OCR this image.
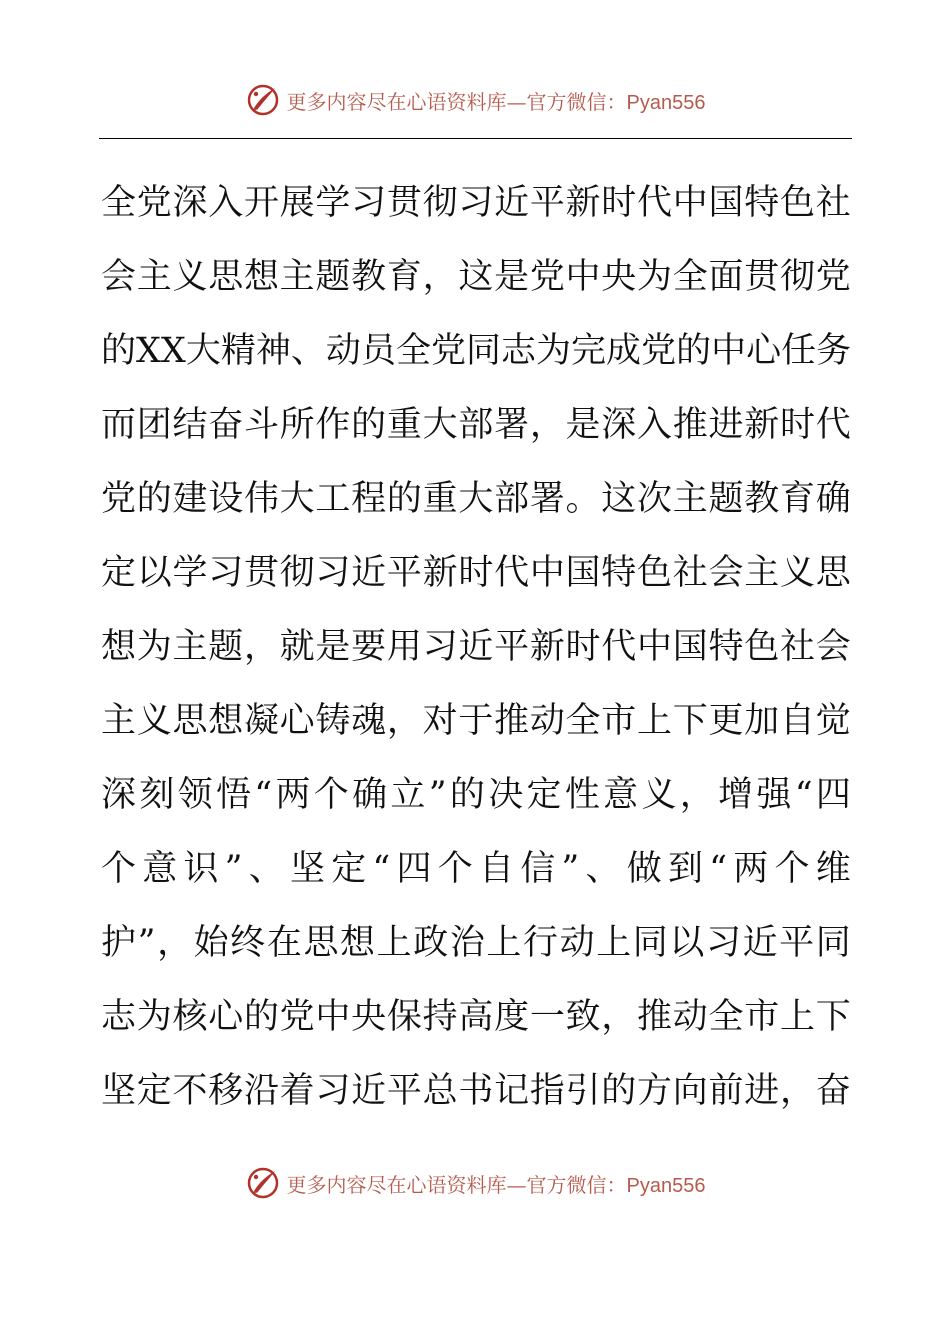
更多内容尽在心语资料库—官方微信：Pyan556
全 党 深 入 开 展 学 习 贯 彻 习 近 平 新 时 代 中 国 特 色 社
会 主 义 思 想 主 题 教 育 ， 这 是 党 中 央 为 全 面 贯 彻 党
的 XX 大 精 神 、 动 员 全 党 同 志 为 完 成 党 的 中 心 任 务
而 团 结 奋 斗 所 作 的 重 大 部 署 ， 是 深 入 推 进 新 时 代
党 的 建 设 伟 大 工 程 的 重 大 部 署 。 这 次 主 题 教 育 确
定 以 学 习 贯 彻 习 近 平 新 时 代 中 国 特 色 社 会 主 义 思
想 为 主 题 ， 就 是 要 用 习 近 平 新 时 代 中 国 特 色 社 会
主 义 思 想 凝 心 铸 魂 ， 对 于 推 动 全 市 上 下 更 加 自 觉
深 刻 领 悟 “ 两 个 确 立 ” 的 决 定 性 意 义 ， 增 强 “ 四
个 意 识 ” 、 坚 定 “ 四 个 自 信 ” 、 做 到 “ 两 个 维
护 ” ， 始 终 在 思 想 上 政 治 上 行 动 上 同 以 习 近 平 同
志 为 核 心 的 党 中 央 保 持 高 度 一 致 ， 推 动 全 市 上 下
坚 定 不 移 沿 着 习 近 平 总 书 记 指 引 的 方 向 前 进 ， 奋
更多内容尽在心语资料库—官方微信：Pyan556
